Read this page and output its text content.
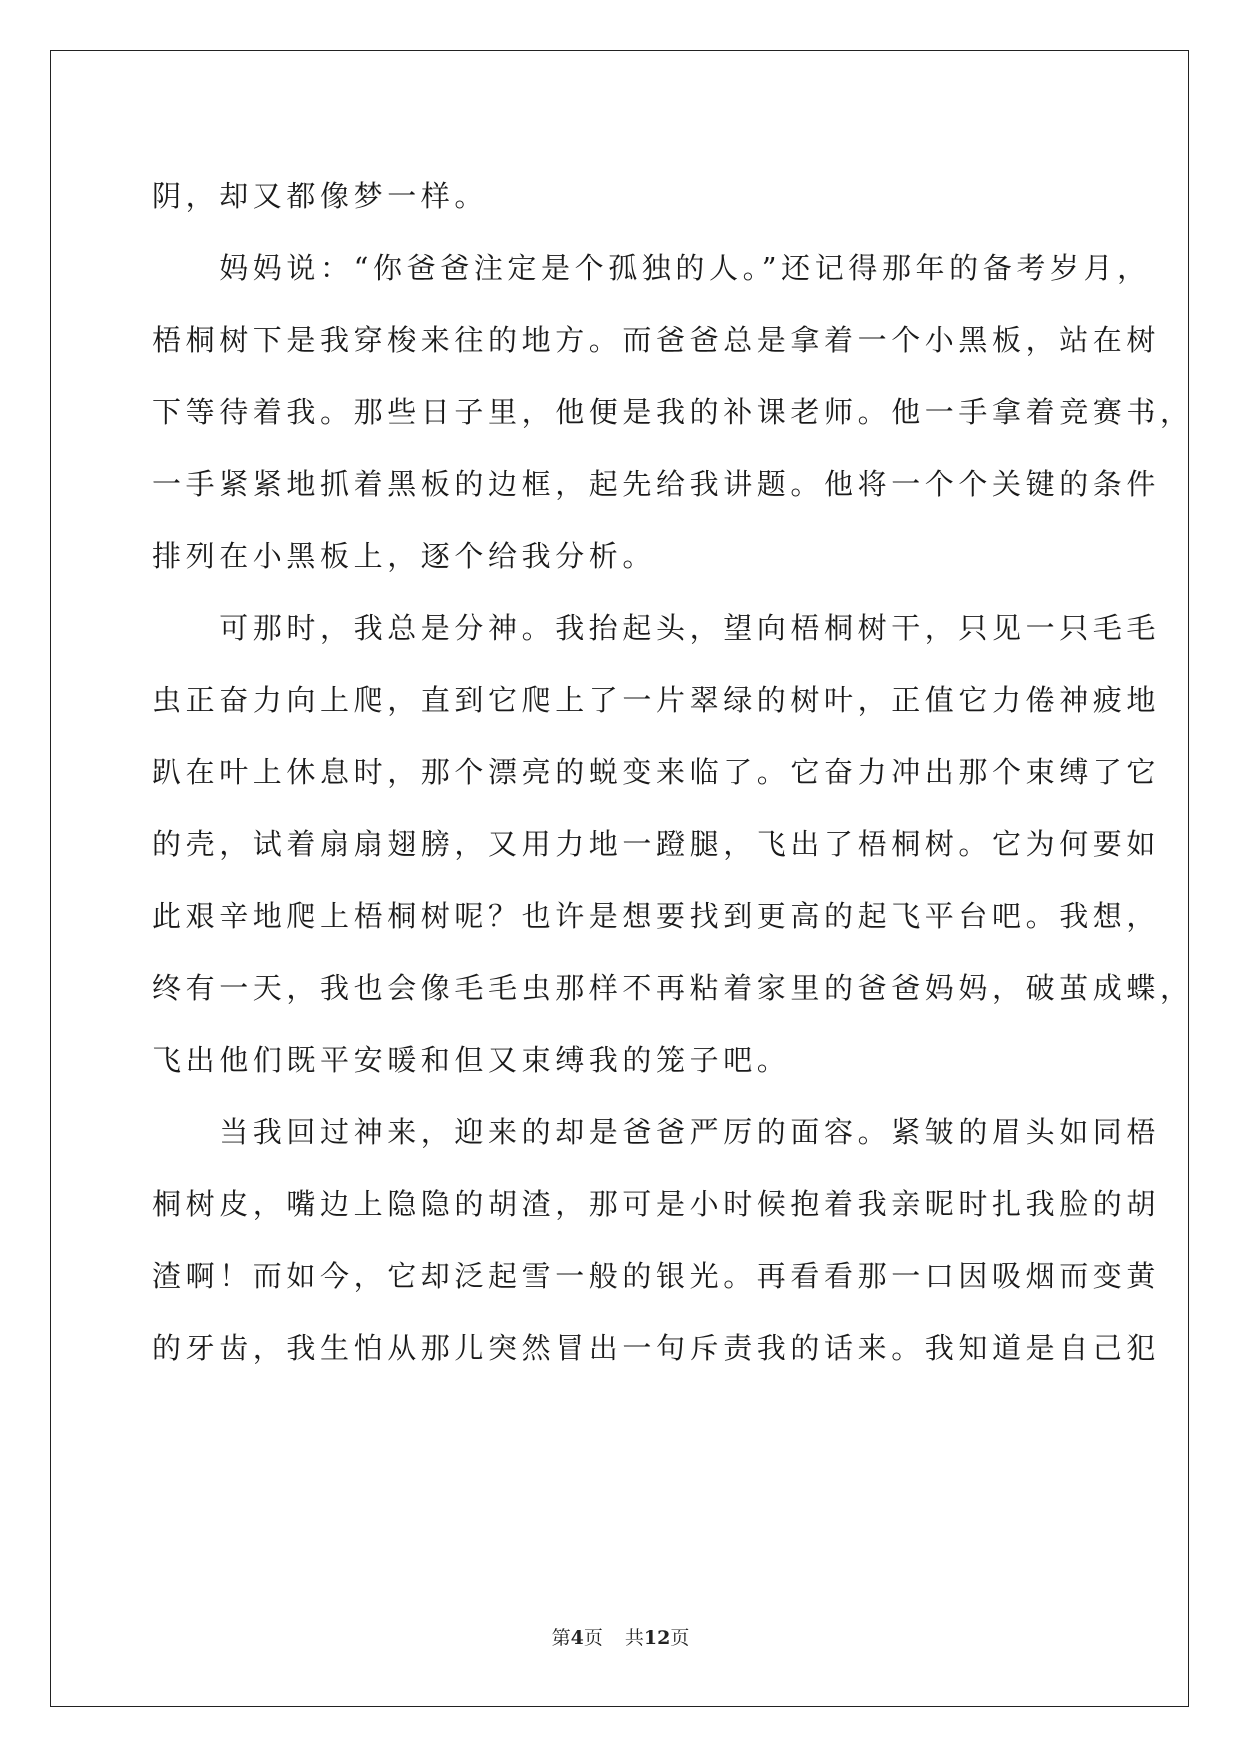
阴，却又都像梦一样。

　　妈妈说：“你爸爸注定是个孤独的人。”还记得那年的备考岁月，

梧桐树下是我穿梭来往的地方。而爸爸总是拿着一个小黑板，站在树

下等待着我。那些日子里，他便是我的补课老师。他一手拿着竞赛书，

一手紧紧地抓着黑板的边框，起先给我讲题。他将一个个关键的条件

排列在小黑板上，逐个给我分析。

　　可那时，我总是分神。我抬起头，望向梧桐树干，只见一只毛毛

虫正奋力向上爬，直到它爬上了一片翠绿的树叶，正值它力倦神疲地

趴在叶上休息时，那个漂亮的蜕变来临了。它奋力冲出那个束缚了它

的壳，试着扇扇翅膀，又用力地一蹬腿，飞出了梧桐树。它为何要如

此艰辛地爬上梧桐树呢？也许是想要找到更高的起飞平台吧。我想，

终有一天，我也会像毛毛虫那样不再粘着家里的爸爸妈妈，破茧成蝶，

飞出他们既平安暖和但又束缚我的笼子吧。

　　当我回过神来，迎来的却是爸爸严厉的面容。紧皱的眉头如同梧

桐树皮，嘴边上隐隐的胡渣，那可是小时候抱着我亲昵时扎我脸的胡

渣啊！而如今，它却泛起雪一般的银光。再看看那一口因吸烟而变黄

的牙齿，我生怕从那儿突然冒出一句斥责我的话来。我知道是自己犯

第4页 共12页
